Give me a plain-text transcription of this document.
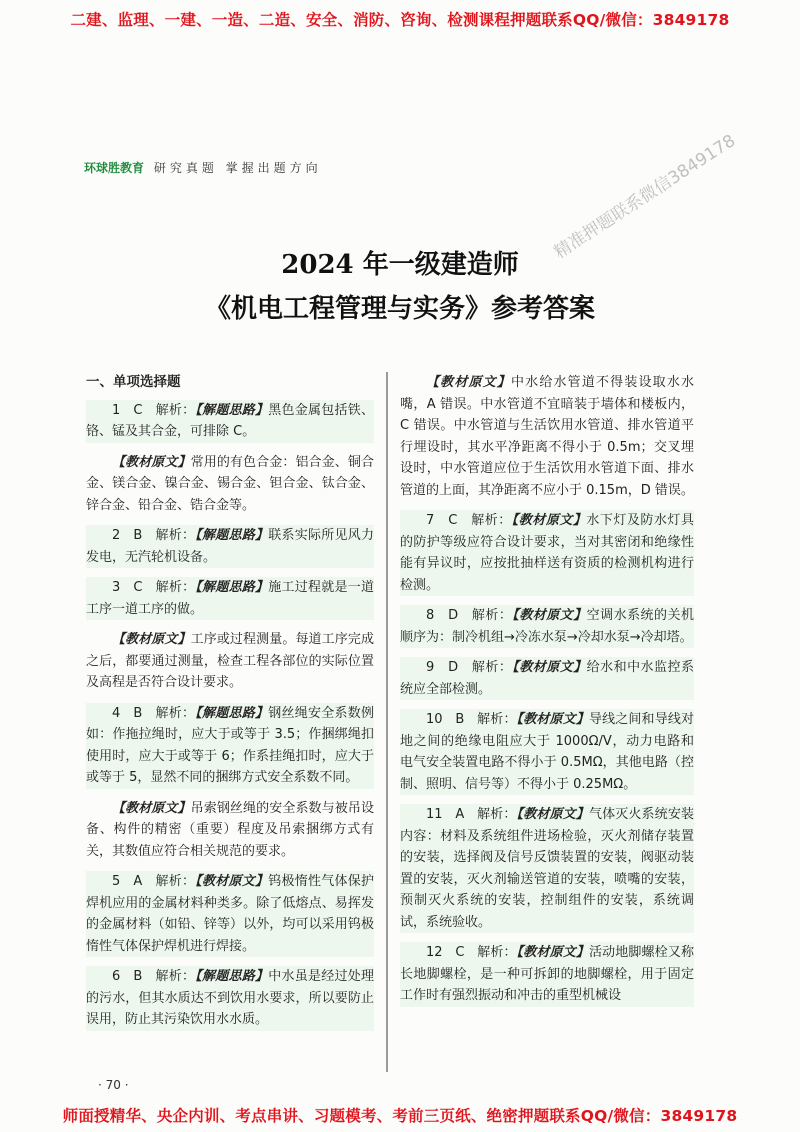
二建、监理、一建、一造、二造、安全、消防、咨询、检测课程押题联系QQ/微信：3849178
环球胜教育 研究真题 掌握出题方向	精准押题联系微信3849178
2024 年一级建造师
《机电工程管理与实务》参考答案
一、单项选择题
1 C 解析：【解题思路】黑色金属包括铁、铬、锰及其合金，可排除 C。
【教材原文】常用的有色合金：铝合金、铜合金、镁合金、镍合金、锡合金、钽合金、钛合金、锌合金、铅合金、锆合金等。
2 B 解析：【解题思路】联系实际所见风力发电，无汽轮机设备。
3 C 解析：【解题思路】施工过程就是一道工序一道工序的做。
【教材原文】工序或过程测量。每道工序完成之后，都要通过测量，检查工程各部位的实际位置及高程是否符合设计要求。
4 B 解析：【解题思路】钢丝绳安全系数例如：作拖拉绳时，应大于或等于 3.5；作捆绑绳扣使用时，应大于或等于 6；作系挂绳扣时，应大于或等于 5，显然不同的捆绑方式安全系数不同。
【教材原文】吊索钢丝绳的安全系数与被吊设备、构件的精密（重要）程度及吊索捆绑方式有关，其数值应符合相关规范的要求。
5 A 解析：【教材原文】钨极惰性气体保护焊机应用的金属材料种类多。除了低熔点、易挥发的金属材料（如铅、锌等）以外，均可以采用钨极惰性气体保护焊机进行焊接。
6 B 解析：【解题思路】中水虽是经过处理的污水，但其水质达不到饮用水要求，所以要防止误用，防止其污染饮用水水质。
【教材原文】中水给水管道不得装设取水水嘴，A 错误。中水管道不宜暗装于墙体和楼板内，C 错误。中水管道与生活饮用水管道、排水管道平行埋设时，其水平净距离不得小于 0.5m；交叉埋设时，中水管道应位于生活饮用水管道下面、排水管道的上面，其净距离不应小于 0.15m，D 错误。
7 C 解析：【教材原文】水下灯及防水灯具的防护等级应符合设计要求，当对其密闭和绝缘性能有异议时，应按批抽样送有资质的检测机构进行检测。
8 D 解析：【教材原文】空调水系统的关机顺序为：制冷机组→冷冻水泵→冷却水泵→冷却塔。
9 D 解析：【教材原文】给水和中水监控系统应全部检测。
10 B 解析：【教材原文】导线之间和导线对地之间的绝缘电阻应大于 1000Ω/V，动力电路和电气安全装置电路不得小于 0.5MΩ，其他电路（控制、照明、信号等）不得小于 0.25MΩ。
11 A 解析：【教材原文】气体灭火系统安装内容：材料及系统组件进场检验，灭火剂储存装置的安装，选择阀及信号反馈装置的安装，阀驱动装置的安装，灭火剂输送管道的安装，喷嘴的安装，预制灭火系统的安装，控制组件的安装，系统调试，系统验收。
12 C 解析：【教材原文】活动地脚螺栓又称长地脚螺栓，是一种可拆卸的地脚螺栓，用于固定工作时有强烈振动和冲击的重型机械设
· 70 ·
师面授精华、央企内训、考点串讲、习题模考、考前三页纸、绝密押题联系QQ/微信：3849178
